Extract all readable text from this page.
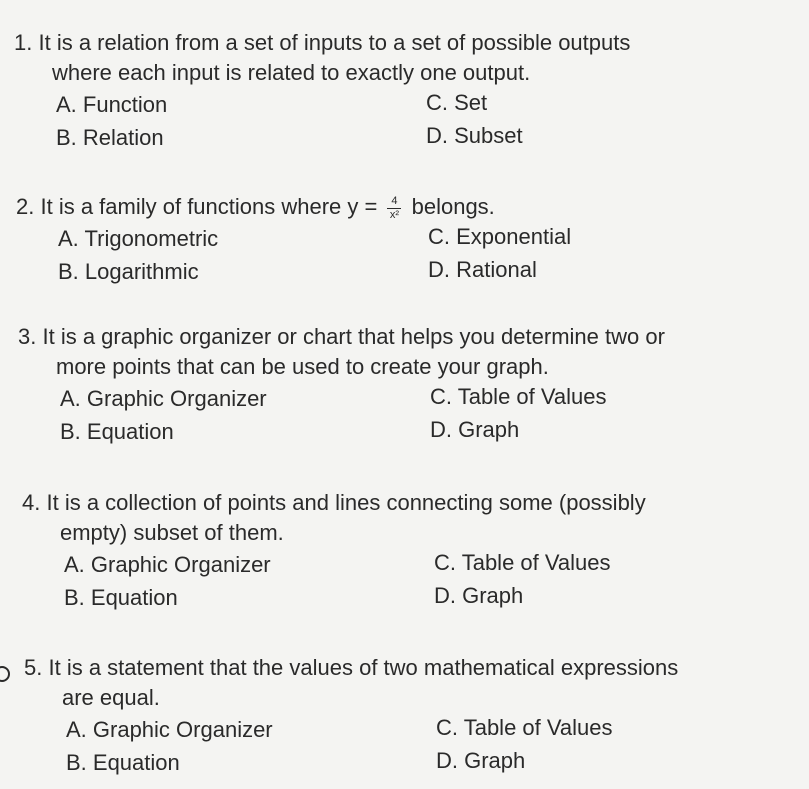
1. It is a relation from a set of inputs to a set of possible outputs
where each input is related to exactly one output.
A. Function
B. Relation
C. Set
D. Subset
2. It is a family of functions where $y = \frac{4}{\text{x²}}$ belongs.
A. Trigonometric
B. Logarithmic
C. Exponential
D. Rational
3. It is a graphic organizer or chart that helps you determine two or
more points that can be used to create your graph.
A. Graphic Organizer
B. Equation
C. Table of Values
D. Graph
4. It is a collection of points and lines connecting some (possibly
empty) subset of them.
A. Graphic Organizer
B. Equation
C. Table of Values
D. Graph
5. It is a statement that the values of two mathematical expressions
are equal.
A. Graphic Organizer
B. Equation
C. Table of Values
D. Graph
